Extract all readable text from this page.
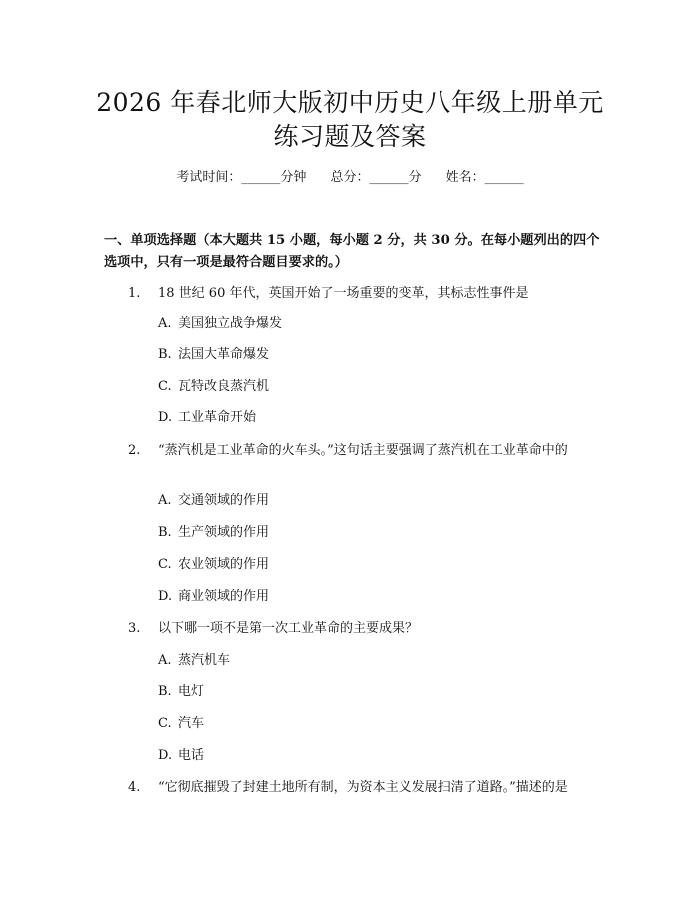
2026 年春北师大版初中历史八年级上册单元
练习题及答案
考试时间：______分钟 总分：______分 姓名：______
一、单项选择题（本大题共 15 小题，每小题 2 分，共 30 分。在每小题列出的四个选项中，只有一项是最符合题目要求的。）
1. 18 世纪 60 年代，英国开始了一场重要的变革，其标志性事件是
A. 美国独立战争爆发
B. 法国大革命爆发
C. 瓦特改良蒸汽机
D. 工业革命开始
2. “蒸汽机是工业革命的火车头。”这句话主要强调了蒸汽机在工业革命中的
A. 交通领域的作用
B. 生产领域的作用
C. 农业领域的作用
D. 商业领域的作用
3. 以下哪一项不是第一次工业革命的主要成果？
A. 蒸汽机车
B. 电灯
C. 汽车
D. 电话
4. “它彻底摧毁了封建土地所有制，为资本主义发展扫清了道路。”描述的是
